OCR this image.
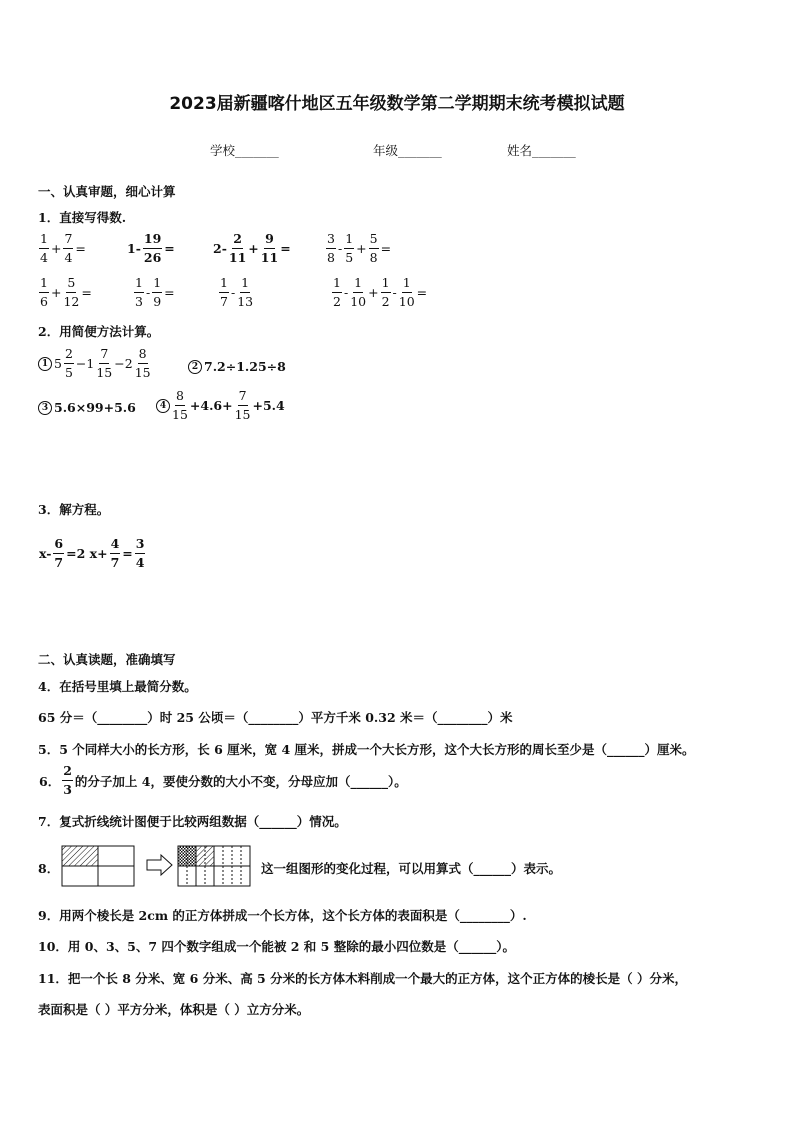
2023届新疆喀什地区五年级数学第二学期期末统考模拟试题
学校_______	年级_______	姓名_______
一、认真审题，细心计算
1．直接写得数.
$\frac{1}{4} + \frac{7}{4}$ =	$1- \frac{19}{26}$ =	$2- \frac{2}{11} + \frac{9}{11}$ =	$\frac{3}{8} - \frac{1}{5} + \frac{5}{8}$ =
$\frac{1}{6} + \frac{5}{12}$ =	$\frac{1}{3} - \frac{1}{9}$ =	$\frac{1}{7} - \frac{1}{13}$	$\frac{1}{2} - \frac{1}{10} + \frac{1}{2} - \frac{1}{10}$ =
2．用简便方法计算。
1 $5 \frac{2}{5} -1 \frac{7}{15} -2 \frac{8}{15}$	2 7.2÷1.25÷8
3 5.6×99+5.6	$4 \frac{8}{15} +4.6+ \frac{7}{15} +5.4$
3．解方程。
$x- \frac{6}{7} =2$ $x+ \frac{4}{7} = \frac{3}{4}$
二、认真读题，准确填写
4．在括号里填上最简分数。
65 分＝（________）时 25 公顷＝（________）平方千米 0.32 米＝（________）米
5．5 个同样大小的长方形，长 6 厘米，宽 4 厘米，拼成一个大长方形，这个大长方形的周长至少是（______）厘米。
6． $\frac{2}{3}$ 的分子加上 4，要使分数的大小不变，分母应加（______）。
7．复式折线统计图便于比较两组数据（______）情况。
8．	这一组图形的变化过程，可以用算式（______）表示。
9．用两个棱长是 2cm 的正方体拼成一个长方体，这个长方体的表面积是（________）.
10．用 0、3、5、7 四个数字组成一个能被 2 和 5 整除的最小四位数是（______）。
11．把一个长 8 分米、宽 6 分米、高 5 分米的长方体木料削成一个最大的正方体，这个正方体的棱长是（ ）分米，
表面积是（ ）平方分米，体积是（ ）立方分米。
